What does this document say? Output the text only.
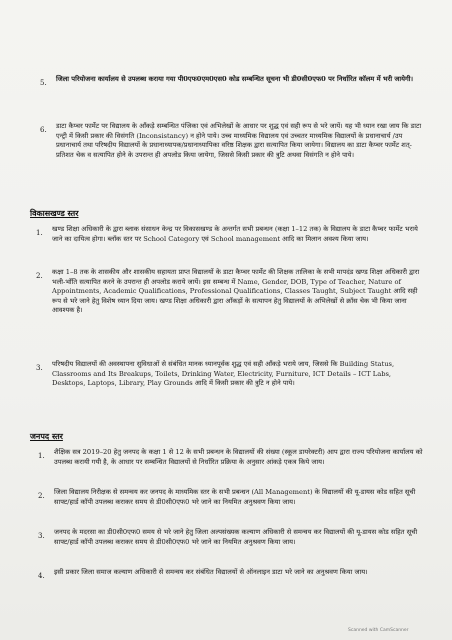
5. जिला परियोजना कार्यालय से उपलब्ध कराया गया पी0एफ0एम0एस0 कोड सम्बन्धित सूचना भी डी0सी0एफ0 पर निर्धारित कॉलम में भरी जायेगी।
6. डाटा कैप्चर फार्मेट पर विद्यालय के आँकड़े सम्बन्धित पंजिका एवं अभिलेखों के आधार पर शुद्ध एवं सही रूप से भरे जायें। यह भी ध्यान रखा जाय कि डाटा एन्ट्री में किसी प्रकार की विसंगति (Inconsistancy) न होने पाये। उच्च माध्यमिक विद्यालय एवं उच्चतर माध्यमिक विद्यालयों के प्रधानाचार्य /उप प्रधानाचार्य तथा परिषदीय विद्यालयों के प्रधानाध्यापक/प्रधानाध्यापिका वरिष्ठ शिक्षक द्वारा सत्यापित किया जायेगा। विद्यालय का डाटा कैप्चर फार्मेट शत्-प्रतिशत चेक व सत्यापित होने के उपरान्त ही अपलोड किया जायेगा, जिससे किसी प्रकार की त्रुटि अथवा विसंगति न होने पाये।
विकासखण्ड स्तर
1. खण्ड शिक्षा अधिकारी के द्वारा ब्लाक संसाधन केन्द्र पर विकासखण्ड के अन्तर्गत सभी प्रबन्धन (कक्षा 1–12 तक) के विद्यालय के डाटा कैप्चर फार्मेट भराये जाने का दायित्व होगा। ब्लॉक स्तर पर School Category एवं School management आदि का मिलान अवश्य किया जाय।
2. कक्षा 1–8 तक के शासकीय और शासकीय सहायता प्राप्त विद्यालयों के डाटा कैप्चर फार्मेट की शिक्षक तालिका के सभी मापदंड खण्ड शिक्षा अधिकारी द्वारा भली-भाँति सत्यापित करने के उपरान्त ही अपलोड कराये जायें। इस सम्बन्ध में Name, Gender, DOB, Type of Teacher, Nature of Appointments, Academic Qualifications, Professional Qualifications, Classes Taught, Subject Taught आदि सही रूप से भरे जाने हेतु विशेष ध्यान दिया जाय। खण्ड शिक्षा अधिकारी द्वारा आँकड़ों के सत्यापन हेतु विद्यालयों के अभिलेखों से क्रॉस चेक भी किया जाना आवश्यक है।
3. परिषदीय विद्यालयों की अवस्थापना सुविधाओं से संबंधित मानक ध्यानपूर्वक शुद्ध एवं सही आँकड़े भराये जाय, जिससे कि Building Status, Classrooms and Its Breakups, Toilets, Drinking Water, Electricity, Furniture, ICT Details – ICT Labs, Desktops, Laptops, Library, Play Grounds आदि में किसी प्रकार की त्रुटि न होने पाये।
जनपद स्तर
1. शैक्षिक सत्र 2019–20 हेतु जनपद के कक्षा 1 से 12 के सभी प्रबन्धन के विद्यालयों की संख्या (स्कूल डायरेक्टरी) आप द्वारा राज्य परियोजना कार्यालय को उपलब्ध करायी गयी है, के आधार पर सम्बन्धित विद्यालयों से निर्धारित प्रक्रिया के अनुसार आंकड़े एकत्र किये जाय।
2. जिला विद्यालय निरीक्षक से समन्वय कर जनपद के माध्यमिक स्तर के सभी प्रबन्धन (All Management) के विद्यालयों की यू-डायस कोड सहित सूची साफ्ट/हार्ड कॉपी उपलब्ध कराकर समय से डी0सी0एफ0 भरे जाने का नियमित अनुश्रवण किया जाय।
3. जनपद के मदरसा का डी0सी0एफ0 समय से भरे जाने हेतु जिला अल्पसंख्यक कल्याण अधिकारी से समन्वय कर विद्यालयों की यू-डायस कोड सहित सूची साफ्ट/हार्ड कॉपी उपलब्ध कराकर समय से डी0सी0एफ0 भरे जाने का नियमित अनुश्रवण किया जाय।
4. इसी प्रकार जिला समाज कल्याण अधिकारी से समन्वय कर संबंधित विद्यालयों से ऑनलाइन डाटा भरे जाने का अनुश्रवण किया जाय।
Scanned with CamScanner
